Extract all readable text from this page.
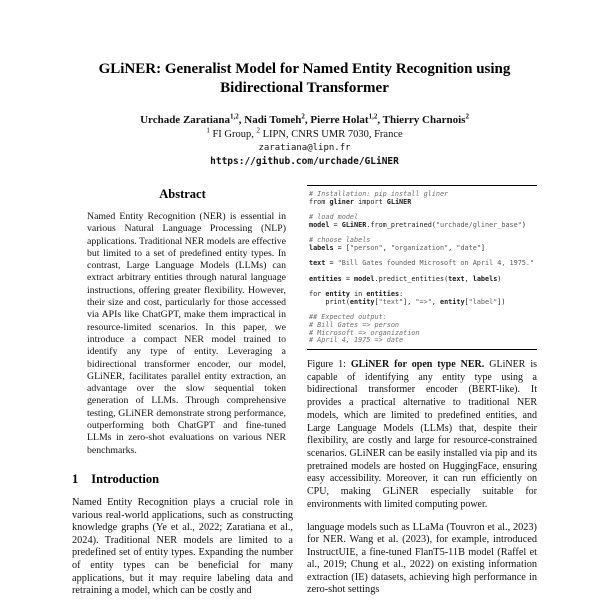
GLiNER: Generalist Model for Named Entity Recognition using
Bidirectional Transformer
Urchade Zaratiana$^{1,2}$, Nadi Tomeh$^2$, Pierre Holat$^{1,2}$, Thierry Charnois$^2$
$^1$ FI Group, $^2$ LIPN, CNRS UMR 7030, France
zaratiana@lipn.fr
https://github.com/urchade/GLiNER
Abstract
Named Entity Recognition (NER) is essential in various Natural Language Processing (NLP) applications. Traditional NER models are effective but limited to a set of predefined entity types. In contrast, Large Language Models (LLMs) can extract arbitrary entities through natural language instructions, offering greater flexibility. However, their size and cost, particularly for those accessed via APIs like ChatGPT, make them impractical in resource-limited scenarios. In this paper, we introduce a compact NER model trained to identify any type of entity. Leveraging a bidirectional transformer encoder, our model, GLiNER, facilitates parallel entity extraction, an advantage over the slow sequential token generation of LLMs. Through comprehensive testing, GLiNER demonstrate strong performance, outperforming both ChatGPT and fine-tuned LLMs in zero-shot evaluations on various NER benchmarks.
1 Introduction
Named Entity Recognition plays a crucial role in various real-world applications, such as constructing knowledge graphs (Ye et al., 2022; Zaratiana et al., 2024). Traditional NER models are limited to a predefined set of entity types. Expanding the number of entity types can be beneficial for many applications, but it may require labeling data and retraining a model, which can be costly and
# Installation: pip install gliner
from gliner import GLiNER

# load model
model = GLiNER.from_pretrained("urchade/gliner_base")

# choose labels
labels = ["person", "organization", "date"]

text = "Bill Gates founded Microsoft on April 4, 1975."

entities = model.predict_entities(text, labels)

for entity in entities:
print(entity["text"], "=>", entity["label"])

## Expected output:
# Bill Gates => person
# Microsoft => organization
# April 4, 1975 => date
Figure 1: GLiNER for open type NER. GLiNER is capable of identifying any entity type using a bidirectional transformer encoder (BERT-like). It provides a practical alternative to traditional NER models, which are limited to predefined entities, and Large Language Models (LLMs) that, despite their flexibility, are costly and large for resource-constrained scenarios. GLiNER can be easily installed via pip and its pretrained models are hosted on HuggingFace, ensuring easy accessibility. Moreover, it can run efficiently on CPU, making GLiNER especially suitable for environments with limited computing power.
language models such as LLaMa (Touvron et al., 2023) for NER. Wang et al. (2023), for example, introduced InstructUIE, a fine-tuned FlanT5-11B model (Raffel et al., 2019; Chung et al., 2022) on existing information extraction (IE) datasets, achieving high performance in zero-shot settings
